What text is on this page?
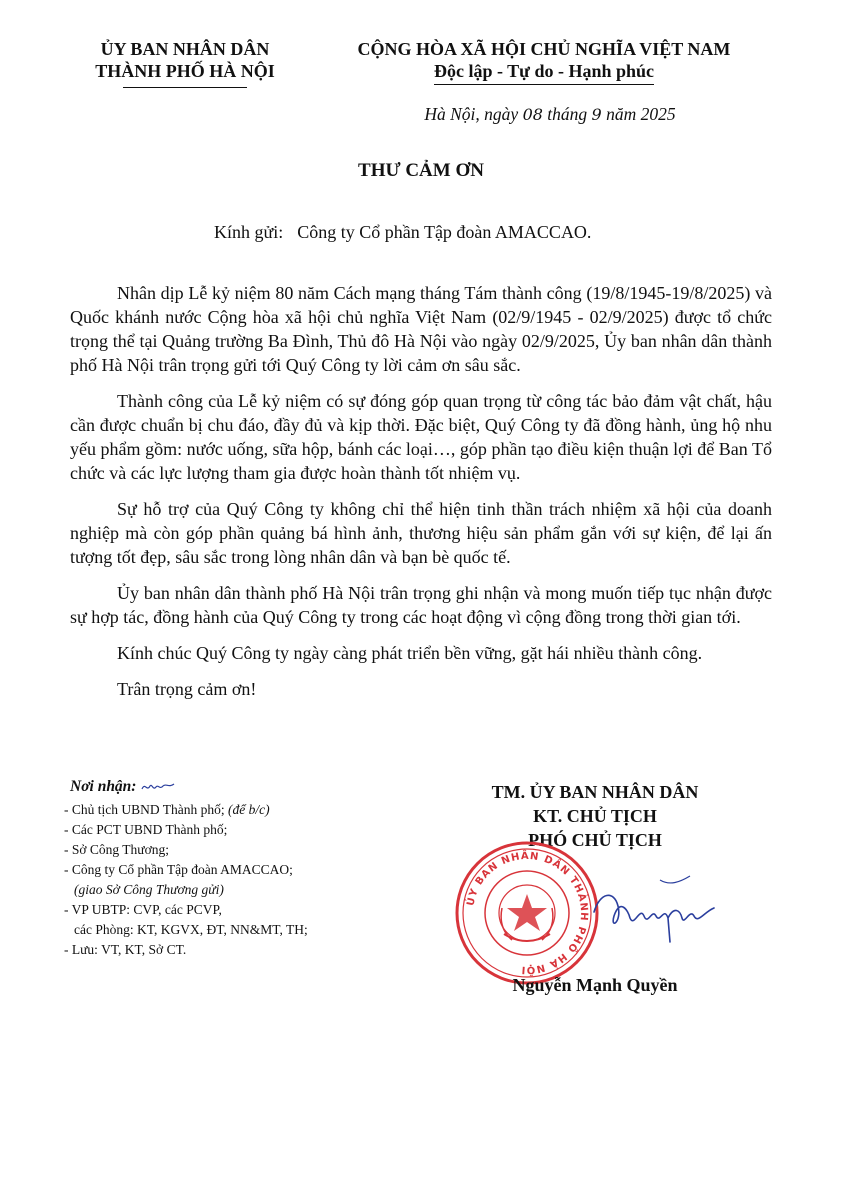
ỦY BAN NHÂN DÂN
THÀNH PHỐ HÀ NỘI
CỘNG HÒA XÃ HỘI CHỦ NGHĨA VIỆT NAM
Độc lập - Tự do - Hạnh phúc
Hà Nội, ngày 08 tháng 9 năm 2025
THƯ CẢM ƠN
Kính gửi: Công ty Cổ phần Tập đoàn AMACCAO.

Nhân dịp Lễ kỷ niệm 80 năm Cách mạng tháng Tám thành công (19/8/1945-19/8/2025) và Quốc khánh nước Cộng hòa xã hội chủ nghĩa Việt Nam (02/9/1945 - 02/9/2025) được tổ chức trọng thể tại Quảng trường Ba Đình, Thủ đô Hà Nội vào ngày 02/9/2025, Ủy ban nhân dân thành phố Hà Nội trân trọng gửi tới Quý Công ty lời cảm ơn sâu sắc.

Thành công của Lễ kỷ niệm có sự đóng góp quan trọng từ công tác bảo đảm vật chất, hậu cần được chuẩn bị chu đáo, đầy đủ và kịp thời. Đặc biệt, Quý Công ty đã đồng hành, ủng hộ nhu yếu phẩm gồm: nước uống, sữa hộp, bánh các loại…, góp phần tạo điều kiện thuận lợi để Ban Tổ chức và các lực lượng tham gia được hoàn thành tốt nhiệm vụ.

Sự hỗ trợ của Quý Công ty không chỉ thể hiện tinh thần trách nhiệm xã hội của doanh nghiệp mà còn góp phần quảng bá hình ảnh, thương hiệu sản phẩm gắn với sự kiện, để lại ấn tượng tốt đẹp, sâu sắc trong lòng nhân dân và bạn bè quốc tế.

Ủy ban nhân dân thành phố Hà Nội trân trọng ghi nhận và mong muốn tiếp tục nhận được sự hợp tác, đồng hành của Quý Công ty trong các hoạt động vì cộng đồng trong thời gian tới.

Kính chúc Quý Công ty ngày càng phát triển bền vững, gặt hái nhiều thành công.

Trân trọng cảm ơn!

Nơi nhận:
- Chủ tịch UBND Thành phố; (để b/c)
- Các PCT UBND Thành phố;
- Sở Công Thương;
- Công ty Cổ phần Tập đoàn AMACCAO;
(giao Sở Công Thương gửi)
- VP UBTP: CVP, các PCVP,
các Phòng: KT, KGVX, ĐT, NN&MT, TH;
- Lưu: VT, KT, Sở CT.
TM. ỦY BAN NHÂN DÂN
KT. CHỦ TỊCH
PHÓ CHỦ TỊCH
ỦY BAN NHÂN DÂN THÀNH PHỐ HÀ NỘI
Nguyễn Mạnh Quyền
